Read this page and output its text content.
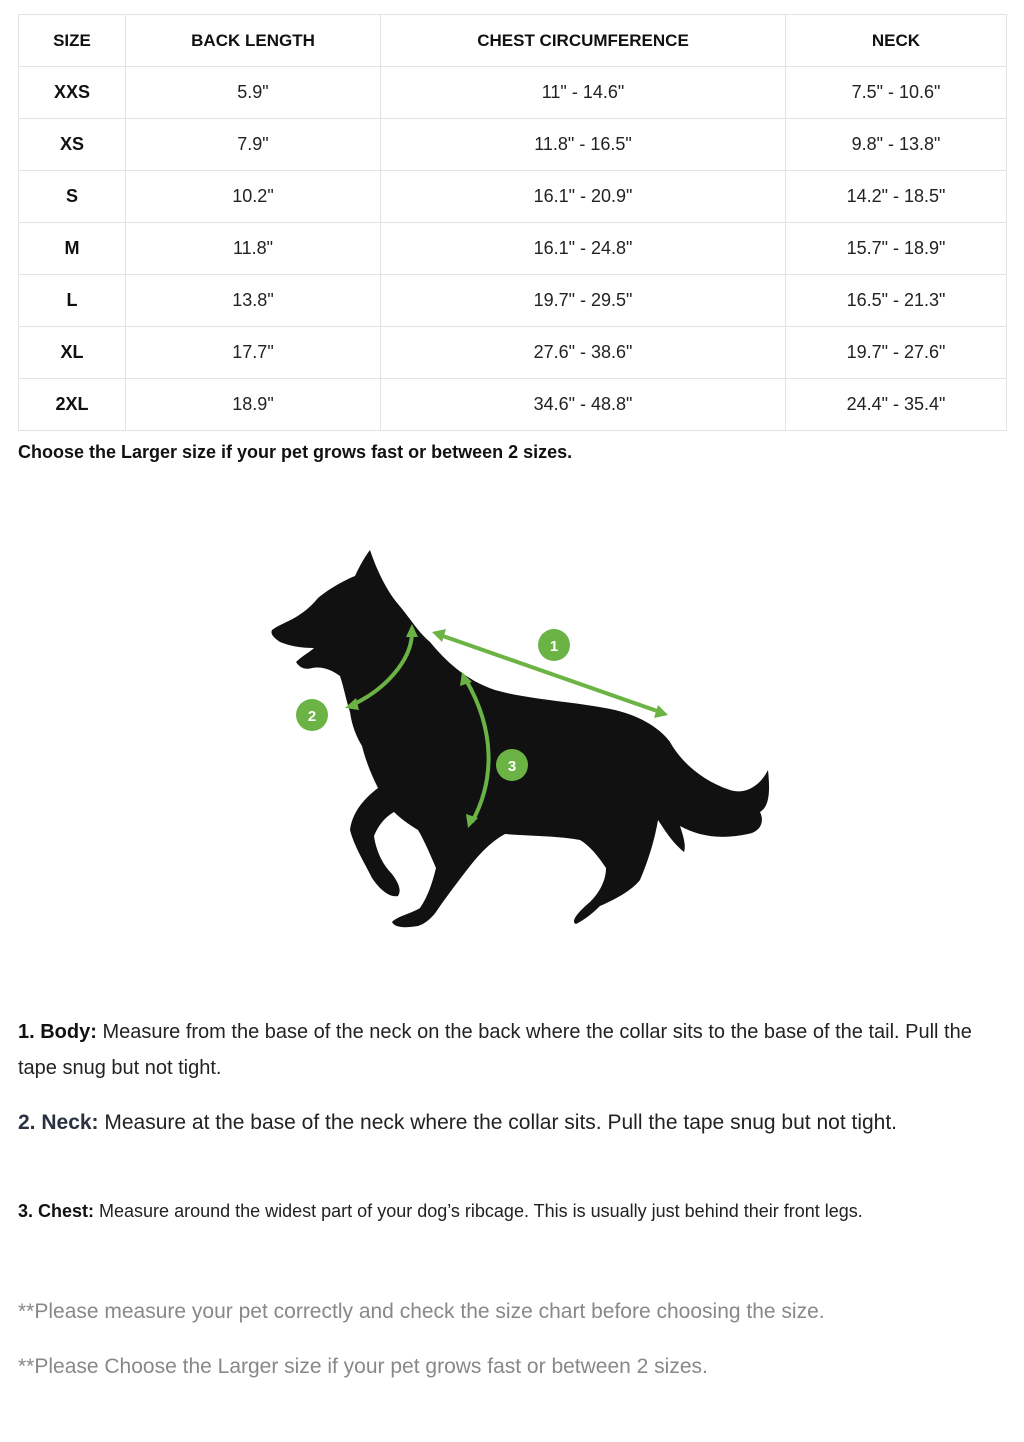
SIZE	BACK LENGTH	CHEST CIRCUMFERENCE	NECK
XXS	5.9"	11" - 14.6"	7.5" - 10.6"
XS	7.9"	11.8" - 16.5"	9.8" - 13.8"
S	10.2"	16.1" - 20.9"	14.2" - 18.5"
M	11.8"	16.1" - 24.8"	15.7" - 18.9"
L	13.8"	19.7" - 29.5"	16.5" - 21.3"
XL	17.7"	27.6" - 38.6"	19.7" - 27.6"
2XL	18.9"	34.6" - 48.8"	24.4" - 35.4"
Choose the Larger size if your pet grows fast or between 2 sizes.
1
2
3
1. Body: Measure from the base of the neck on the back where the collar sits to the base of the tail. Pull the tape snug but not tight.
2. Neck: Measure at the base of the neck where the collar sits. Pull the tape snug but not tight.
3. Chest: Measure around the widest part of your dog’s ribcage. This is usually just behind their front legs.
**Please measure your pet correctly and check the size chart before choosing the size.
**Please Choose the Larger size if your pet grows fast or between 2 sizes.
